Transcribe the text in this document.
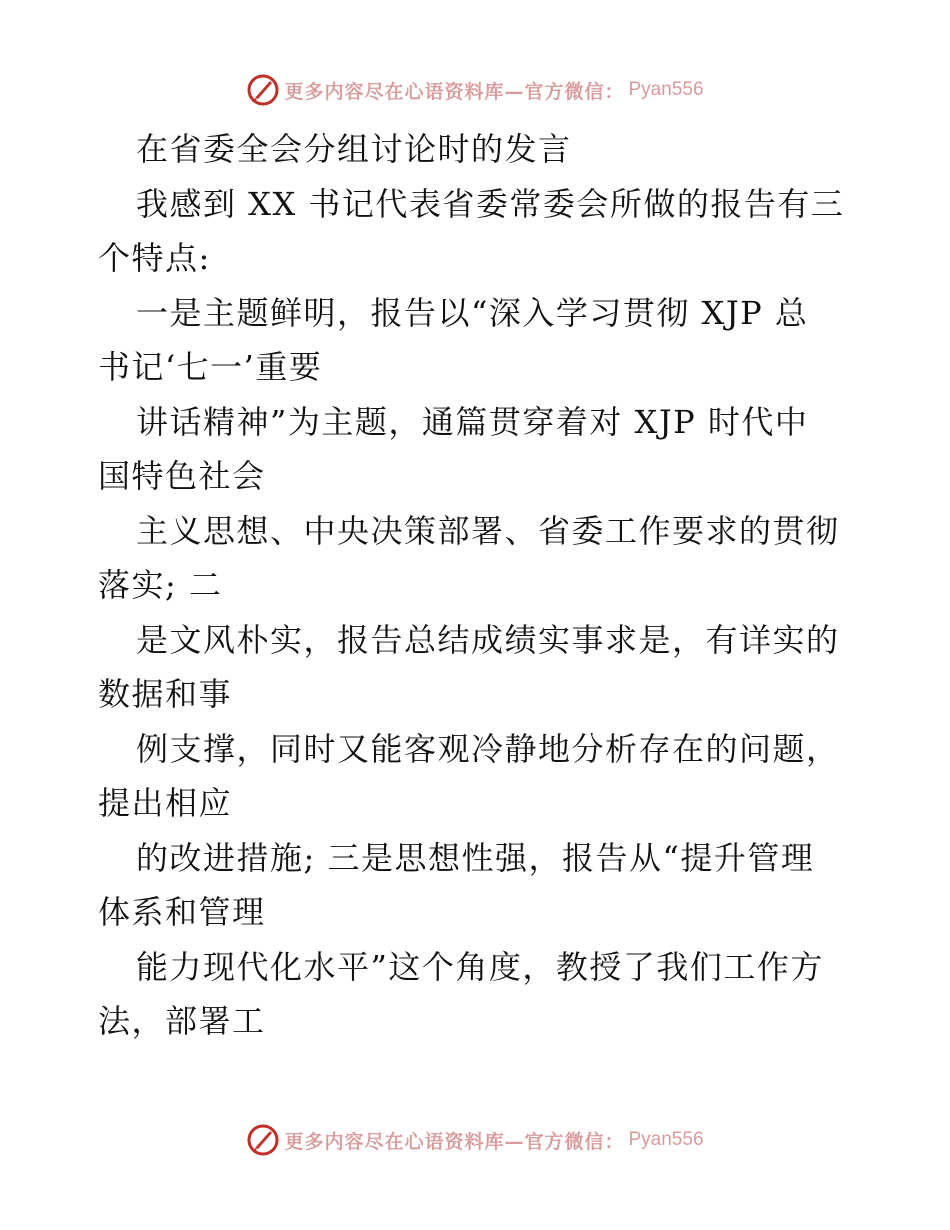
更多内容尽在心语资料库—官方微信： Pyan556
在省委全会分组讨论时的发言
我感到 XX 书记代表省委常委会所做的报告有三
个特点:
一是主题鲜明，报告以“深入学习贯彻 XJP 总
书记‘七一’重要
讲话精神”为主题，通篇贯穿着对 XJP 时代中
国特色社会
主义思想、中央决策部署、省委工作要求的贯彻
落实; 二
是文风朴实，报告总结成绩实事求是，有详实的
数据和事
例支撑，同时又能客观冷静地分析存在的问题，
提出相应
的改进措施; 三是思想性强，报告从“提升管理
体系和管理
能力现代化水平”这个角度，教授了我们工作方
法，部署工
更多内容尽在心语资料库—官方微信： Pyan556
